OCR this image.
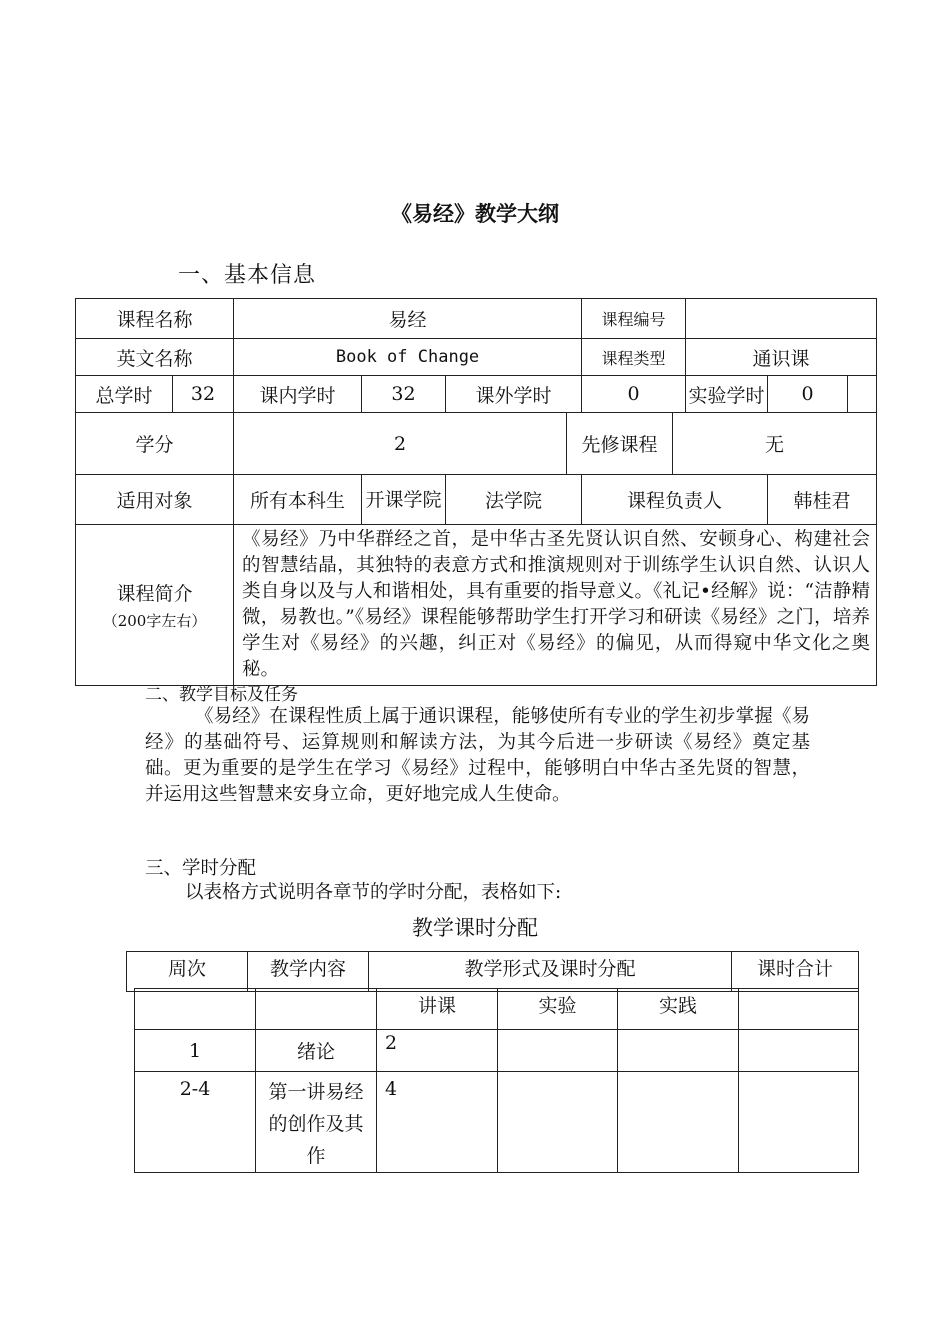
《易经》教学大纲
一、基本信息
课程名称		易经				课程编号				
英文名称		Book of Change				课程类型		通识课		
总学时	32	课内学时	32	课外学时		0		实验学时	0	
学分		2			先修课程		无			
适用对象		所有本科生	开课学院	法学院		课程负责人			韩桂君	
课程简介
（200字左右）		《易经》乃中华群经之首，是中华古圣先贤认识自然、安顿身心、构建社会的智慧结晶，其独特的表意方式和推演规则对于训练学生认识自然、认识人类自身以及与人和谐相处，具有重要的指导意义。《礼记•经解》说：“洁静精微，易教也。”《易经》课程能够帮助学生打开学习和研读《易经》之门，培养学生对《易经》的兴趣，纠正对《易经》的偏见，从而得窥中华文化之奥秘。								
二、教学目标及任务
《易经》在课程性质上属于通识课程，能够使所有专业的学生初步掌握《易经》的基础符号、运算规则和解读方法，为其今后进一步研读《易经》奠定基础。更为重要的是学生在学习《易经》过程中，能够明白中华古圣先贤的智慧，并运用这些智慧来安身立命，更好地完成人生使命。
三、学时分配
以表格方式说明各章节的学时分配，表格如下:
教学课时分配
周次	教学内容	教学形式及课时分配	课时合计
		讲课	实验	实践	
1	绪论	2			
2-4	第一讲易经的创作及其作	4			
